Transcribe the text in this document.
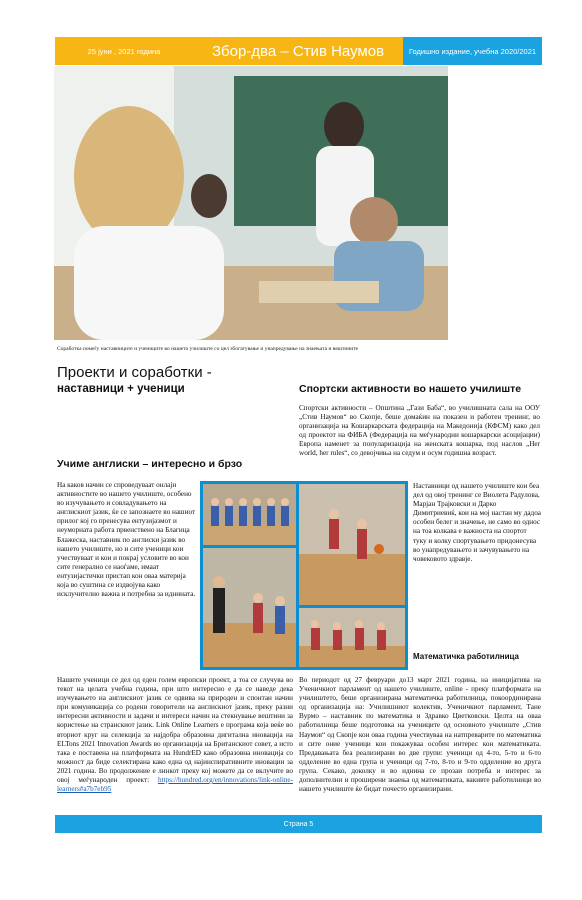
25 јуни , 2021 година	Збор-два – Стив Наумов	Годишно издание, учебна 2020/2021
Соработка помеѓу наставниците и учениците во нашето училиште со цел збогатување и унапредување на знаењата и вештините
Проекти и соработки -
наставници + ученици	Спортски активности во нашето училиште
Спортски активности – Општина „Гази Баба“, во училишната сала на ООУ „Стив Наумов“ во Скопје, беше домаќин на показен и работен тренинг, во организација на Кошаркарската федерација на Македонија (КФСМ) како дел од проектот на ФИБА (Федерација на меѓународни кошаркарски асоцијации) Европа наменет за популаризација на женската кошарка, под наслов „Her world, her rules“, со девојчиња на седум и осум годишна возраст.
Учиме англиски – интересно и брзо
На каков начин се спроведуваат онлајн активностите во нашето училиште, особено во изучувањето и совладувањето на англискиот јазик, ќе се запознаете во нашиот прилог кој го пренесува ентузијазмот и неуморната работа првенствено на Благица Блажеска, наставник по англиски јазик во нашето училиште, но и сите ученици кои учествуваат и кои и покрај условите во кои сите генерално се наоѓаме, имаат ентузијастички пристап кон оваа материја која во суштина се издвојува како исклучително важна и потребна за иднината.
Наставници од нашето училиште кои беа дел од овој тренинг се Виолета Радулова, Марјан Трајковски и Дарко Димитриевиќ, кои на мој настан му дадоа особен белег и значење, не само во однос на тоа колкава е важноста на спортот туку и колку спортувањето придонесува во унапредувањето и зачувувањето на човековото здравје.
Математичка работилница
Нашите ученици се дел од еден голем европски проект, а тоа се случува во текот на целата учебна година, при што интересно е да се наведе дека изучувањето на англискиот јазик се одвива на природен и спонтан начин при комуникација со родени говорители на англискиот јазик, преку разни интересни активности и задачи и интереси начин на стекнување вештини за користење на странскиот јазик. Link Online Learners е програма која веќе во вториот круг на селекција за најдобра образовна дигитална иновација на ELTons 2021 Innovation Awards во организација на Британскиот совет, а исто така е поставена на платформата на HundrED како образовна иновација со можност да биде селектирана како една од најинспиративните иновации за 2021 година. Во продолжение е линкот преку кој можете да се вклучите во овој меѓународен проект: https://hundred.org/en/innovations/link-online-learners#a7b7eb95
Во периодот од 27 февруари до13 март 2021 година, на иницијатива на Ученичкиот парламент од нашето училиште, online - преку платформата на училиштето, беше организирана математичка работилница, покоординирана од организација на: Училишниот колектив, Ученичкиот парламент, Тане Вурмо – наставник по математика и Здравко Цветковски. Целта на оваа работилница беше подготовка на учениците од основното училиште „Стив Наумов“ од Скопје кои оваа година учествуваа на натпреварите по математика и сите оние ученици кои покажуваа особен интерес кон математиката. Предавањата беа реализирани во две групи: ученици од 4-то, 5-то и 6-то одделение во една група и ученици од 7-то, 8-то и 9-то одделение во друга група. Секако, доколку и во иднина се прозаи потреба и интерес за дополнителни и проширени знаења од математиката, вакивте работилници во нашето училиште ќе бидат почесто организирани.
Страна 5
